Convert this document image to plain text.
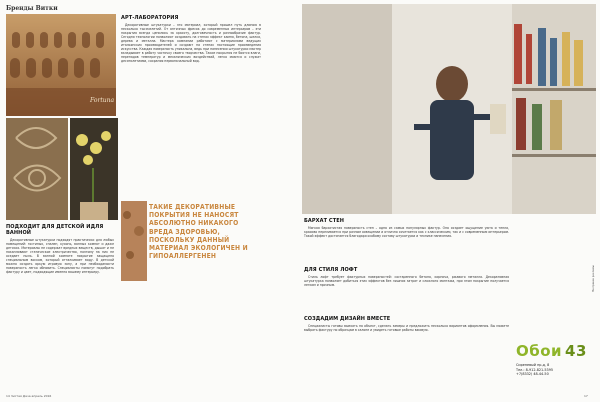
Бренды Витки
Fortuna
АРТ-ЛАБОРАТОРИЯ
Декоративные штукатурки – это материал, который прошел путь длиною в несколько тысячелетий. От античных фресок до современных интерьеров – эти покрытия всегда ценились за красоту, долговечность и разнообразие фактур. Сегодня технологии позволяют создавать на стенах эффект камня, бетона, шелка, дерева и металла. Мастера компании работают с материалами ведущих итальянских производителей и создают на стенах настоящие произведения искусства. Каждая поверхность уникальна, ведь при нанесении штукатурки мастер вкладывает в работу частичку своего творчества. Такие покрытия не боятся влаги, перепадов температур и механических воздействий, легко моются и служат десятилетиями, сохраняя первоначальный вид.
ТАКИЕ ДЕКОРАТИВНЫЕ ПОКРЫТИЯ НЕ НАНОСЯТ АБСОЛЮТНО НИКАКОГО ВРЕДА ЗДОРОВЬЮ, ПОСКОЛЬКУ ДАННЫЙ МАТЕРИАЛ ЭКОЛОГИЧЕН И ГИПОАЛЛЕРГЕНЕН
ПОДХОДИТ ДЛЯ ДЕТСКОЙ ИДЛЯ ВАННОЙ
Декоративные штукатурки подходят практически для любых помещений: гостиных, спален, кухонь, ванных комнат и даже детских. Материалы не содержат вредных веществ, дышат и не накапливают статическое электричество, поэтому на них не оседает пыль. В ванной комнате покрытие защищено специальным воском, который отталкивает воду. В детской можно создать яркую игровую зону, а при необходимости поверхность легко обновить. Специалисты помогут подобрать фактуру и цвет, подходящие именно вашему интерьеру.
БАРХАТ СТЕН
Мягкая бархатистая поверхность стен – одна из самых популярных фактур. Она создает ощущение уюта и тепла, красиво переливается при разном освещении и отлично сочетается как с классическим, так и с современным интерьером. Такой эффект достигается благодаря особому составу штукатурки и технике нанесения.
ДЛЯ СТИЛЯ ЛОФТ
Стиль лофт требует фактурных поверхностей: состаренного бетона, кирпича, ржавого металла. Декоративная штукатурка позволяет добиться этих эффектов без лишних затрат и сложного монтажа, при этом покрытие получается легким и прочным.
СОЗДАДИМ ДИЗАЙН ВМЕСТЕ
Специалисты готовы выехать на объект, сделать замеры и предложить несколько вариантов оформления. Вы можете выбрать фактуру по образцам в салоне и увидеть готовые работы вживую.
Обои 43
Сиреневый пр-д, 8
Тел.: 8-912-821-5395
+7(8332) 48-44-50
На правах рекламы
14 Чистая Дача апрель 2016	17
